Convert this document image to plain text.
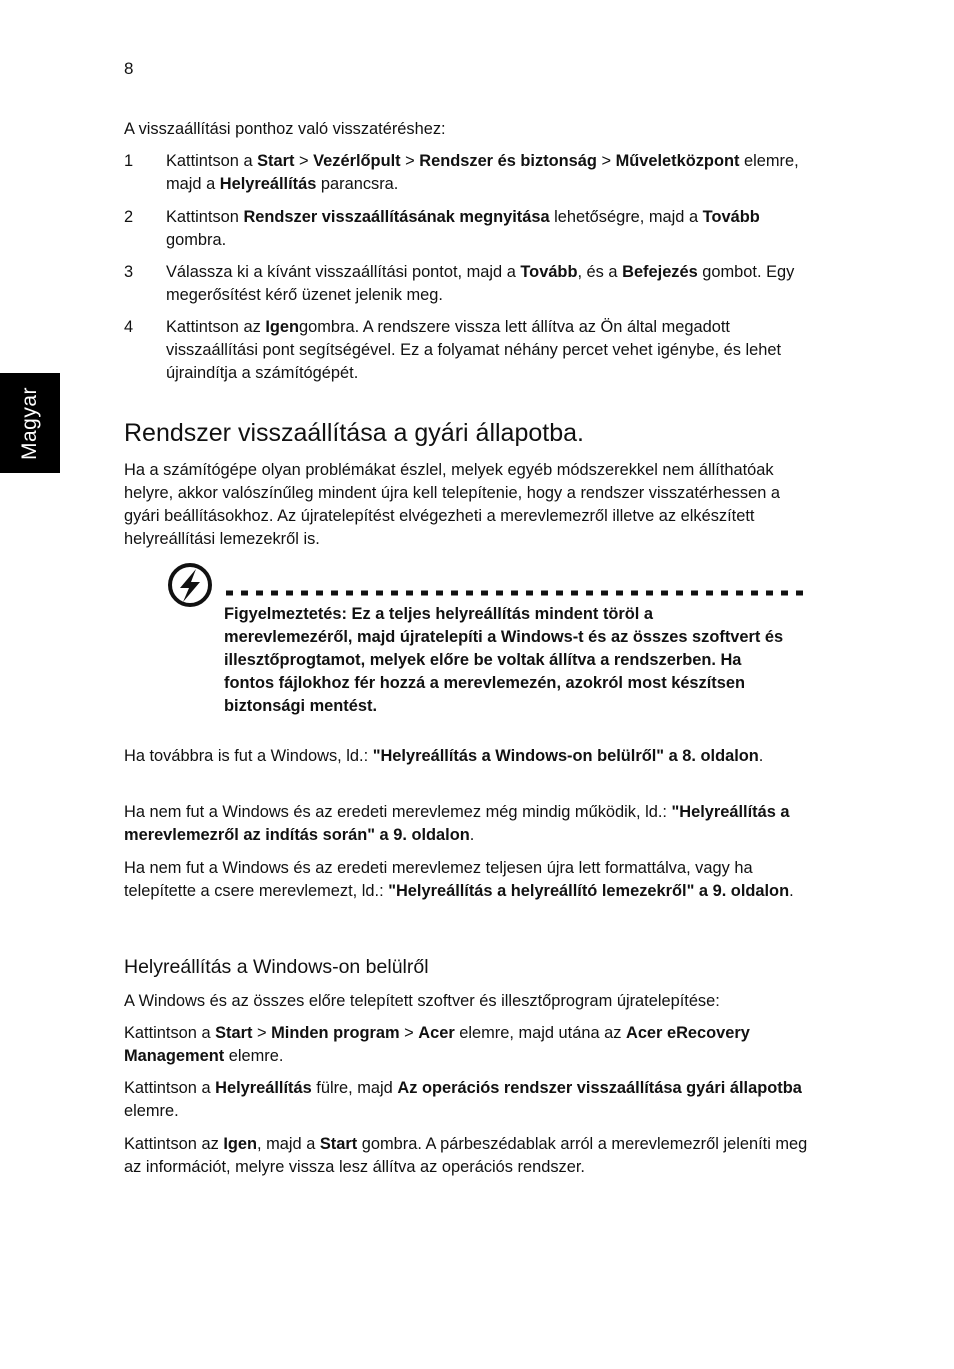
8
Magyar

A visszaállítási ponthoz való visszatéréshez:

1 Kattintson a Start > Vezérlőpult > Rendszer és biztonság > Műveletközpont elemre, majd a Helyreállítás parancsra.
2 Kattintson Rendszer visszaállításának megnyitása lehetőségre, majd a Tovább gombra.
3 Válassza ki a kívánt visszaállítási pontot, majd a Tovább, és a Befejezés gombot. Egy megerősítést kérő üzenet jelenik meg.
4 Kattintson az Igengombra. A rendszere vissza lett állítva az Ön által megadott visszaállítási pont segítségével. Ez a folyamat néhány percet vehet igénybe, és lehet újraindítja a számítógépét.
Rendszer visszaállítása a gyári állapotba.

Ha a számítógépe olyan problémákat észlel, melyek egyéb módszerekkel nem állíthatóak helyre, akkor valószínűleg mindent újra kell telepítenie, hogy a rendszer visszatérhessen a gyári beállításokhoz. Az újratelepítést elvégezheti a merevlemezről illetve az elkészített helyreállítási lemezekről is.

Figyelmeztetés: Ez a teljes helyreállítás mindent töröl a merevlemezéről, majd újratelepíti a Windows-t és az összes szoftvert és illesztőprogtamot, melyek előre be voltak állítva a rendszerben. Ha fontos fájlokhoz fér hozzá a merevlemezén, azokról most készítsen biztonsági mentést.

Ha továbbra is fut a Windows, ld.: "Helyreállítás a Windows-on belülről" a 8. oldalon.

Ha nem fut a Windows és az eredeti merevlemez még mindig működik, ld.: "Helyreállítás a merevlemezről az indítás során" a 9. oldalon.

Ha nem fut a Windows és az eredeti merevlemez teljesen újra lett formattálva, vagy ha telepítette a csere merevlemezt, ld.: "Helyreállítás a helyreállító lemezekről" a 9. oldalon.

Helyreállítás a Windows-on belülről

A Windows és az összes előre telepített szoftver és illesztőprogram újratelepítése:

Kattintson a Start > Minden program > Acer elemre, majd utána az Acer eRecovery Management elemre.

Kattintson a Helyreállítás fülre, majd Az operációs rendszer visszaállítása gyári állapotba elemre.

Kattintson az Igen, majd a Start gombra. A párbeszédablak arról a merevlemezről jeleníti meg az információt, melyre vissza lesz állítva az operációs rendszer.
